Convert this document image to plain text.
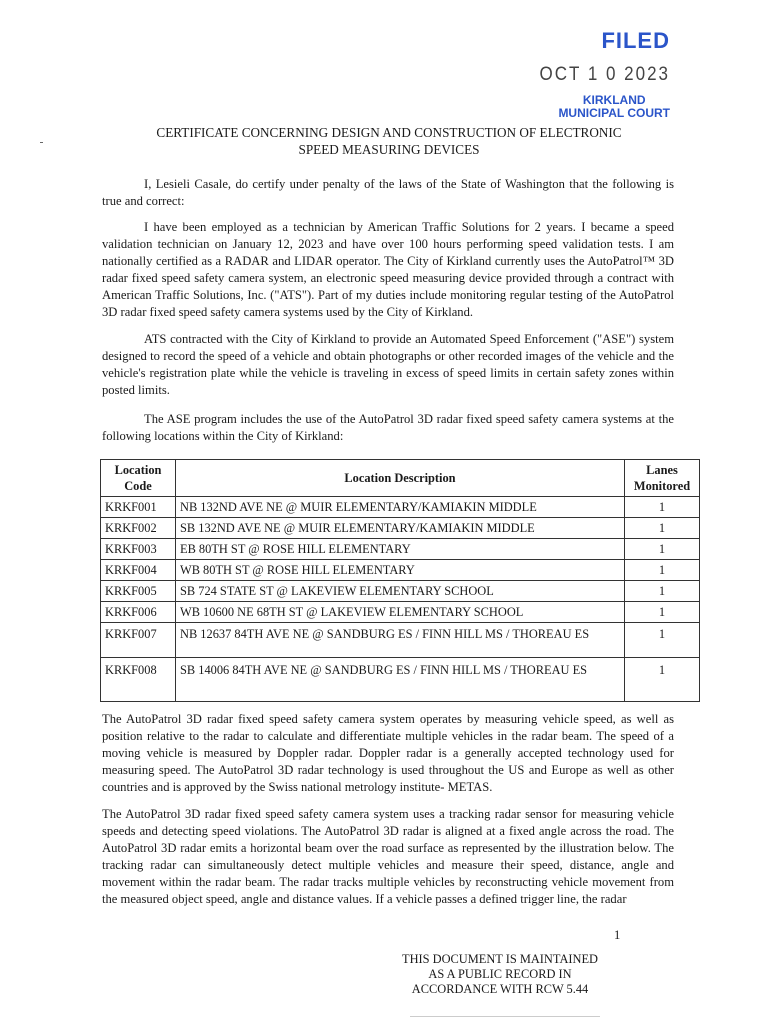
FILED
OCT 1 0 2023
KIRKLAND
MUNICIPAL COURT
CERTIFICATE CONCERNING DESIGN AND CONSTRUCTION OF ELECTRONIC
SPEED MEASURING DEVICES

I, Lesieli Casale, do certify under penalty of the laws of the State of Washington that the following is true and correct:

I have been employed as a technician by American Traffic Solutions for 2 years. I became a speed validation technician on January 12, 2023 and have over 100 hours performing speed validation tests. I am nationally certified as a RADAR and LIDAR operator. The City of Kirkland currently uses the AutoPatrol™ 3D radar fixed speed safety camera system, an electronic speed measuring device provided through a contract with American Traffic Solutions, Inc. ("ATS"). Part of my duties include monitoring regular testing of the AutoPatrol 3D radar fixed speed safety camera systems used by the City of Kirkland.

ATS contracted with the City of Kirkland to provide an Automated Speed Enforcement ("ASE") system designed to record the speed of a vehicle and obtain photographs or other recorded images of the vehicle and the vehicle's registration plate while the vehicle is traveling in excess of speed limits in certain safety zones within posted limits.

The ASE program includes the use of the AutoPatrol 3D radar fixed speed safety camera systems at the following locations within the City of Kirkland:

Location
Code	Location Description	Lanes
Monitored
KRKF001	NB 132ND AVE NE @ MUIR ELEMENTARY/KAMIAKIN MIDDLE	1
KRKF002	SB 132ND AVE NE @ MUIR ELEMENTARY/KAMIAKIN MIDDLE	1
KRKF003	EB 80TH ST @ ROSE HILL ELEMENTARY	1
KRKF004	WB 80TH ST @ ROSE HILL ELEMENTARY	1
KRKF005	SB 724 STATE ST @ LAKEVIEW ELEMENTARY SCHOOL	1
KRKF006	WB 10600 NE 68TH ST @ LAKEVIEW ELEMENTARY SCHOOL	1
KRKF007	NB 12637 84TH AVE NE @ SANDBURG ES / FINN HILL MS / THOREAU ES	1
KRKF008	SB 14006 84TH AVE NE @ SANDBURG ES / FINN HILL MS / THOREAU ES	1

The AutoPatrol 3D radar fixed speed safety camera system operates by measuring vehicle speed, as well as position relative to the radar to calculate and differentiate multiple vehicles in the radar beam. The speed of a moving vehicle is measured by Doppler radar. Doppler radar is a generally accepted technology used for measuring speed. The AutoPatrol 3D radar technology is used throughout the US and Europe as well as other countries and is approved by the Swiss national metrology institute- METAS.

The AutoPatrol 3D radar fixed speed safety camera system uses a tracking radar sensor for measuring vehicle speeds and detecting speed violations. The AutoPatrol 3D radar is aligned at a fixed angle across the road. The AutoPatrol 3D radar emits a horizontal beam over the road surface as represented by the illustration below. The tracking radar can simultaneously detect multiple vehicles and measure their speed, distance, angle and movement within the radar beam. The radar tracks multiple vehicles by reconstructing vehicle movement from the measured object speed, angle and distance values. If a vehicle passes a defined trigger line, the radar

1
THIS DOCUMENT IS MAINTAINED
AS A PUBLIC RECORD IN
ACCORDANCE WITH RCW 5.44
